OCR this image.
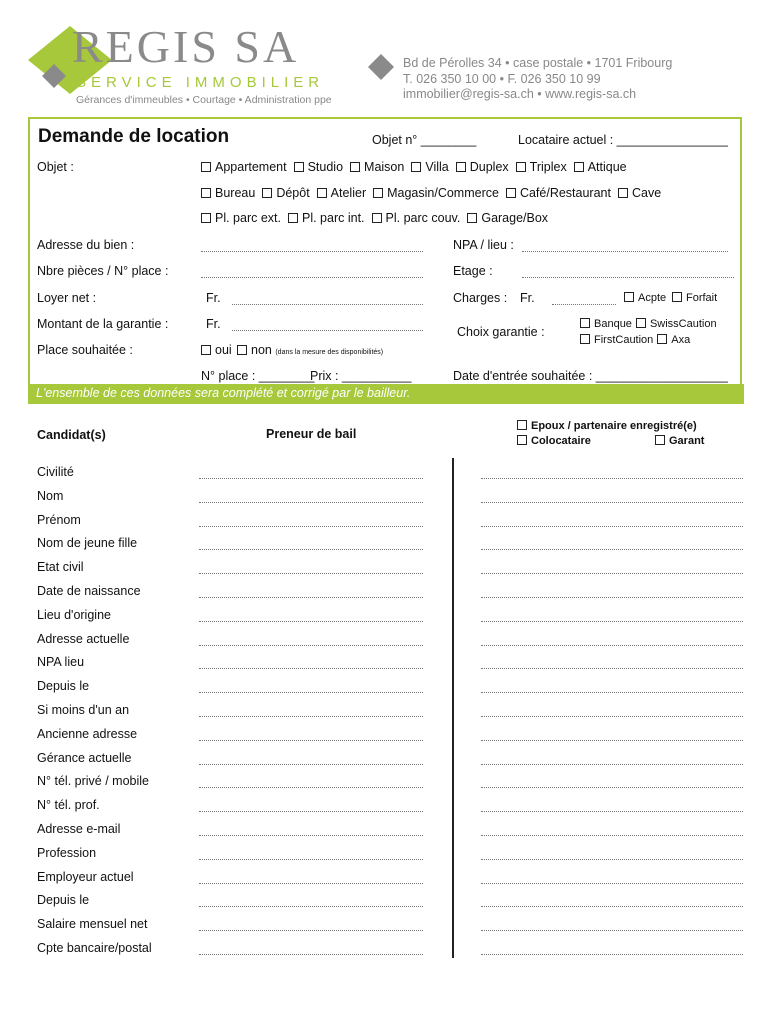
REGIS SA
SERVICE IMMOBILIER
Gérances d'immeubles • Courtage • Administration ppe
Bd de Pérolles 34 • case postale • 1701 Fribourg
T. 026 350 10 00 • F. 026 350 10 99
immobilier@regis-sa.ch • www.regis-sa.ch
Demande de location	Objet n° ________	Locataire actuel : ________________
Objet :	Appartement Studio Maison Villa Duplex Triplex Attique
Bureau Dépôt Atelier Magasin/Commerce Café/Restaurant Cave
Pl. parc ext. Pl. parc int. Pl. parc couv. Garage/Box
Adresse du bien :	NPA / lieu :
Nbre pièces / N° place :	Etage :
Loyer net :	Fr.	Charges : Fr.	Acpte	Forfait
Montant de la garantie :	Fr.
Choix garantie :
Banque SwissCaution
FirstCaution Axa
Place souhaitée :	oui	non (dans la mesure des disponibilités)
N° place : ________
Prix : __________	Date d'entrée souhaitée : ___________________
L'ensemble de ces données sera complété et corrigé par le bailleur.
Candidat(s)	Preneur de bail
Epoux / partenaire enregistré(e)
Colocataire	Garant
Civilité
Nom
Prénom
Nom de jeune fille
Etat civil
Date de naissance
Lieu d'origine
Adresse actuelle
NPA lieu
Depuis le
Si moins d'un an
Ancienne adresse
Gérance actuelle
N° tél. privé / mobile
N° tél. prof.
Adresse e-mail
Profession
Employeur actuel
Depuis le
Salaire mensuel net
Cpte bancaire/postal
